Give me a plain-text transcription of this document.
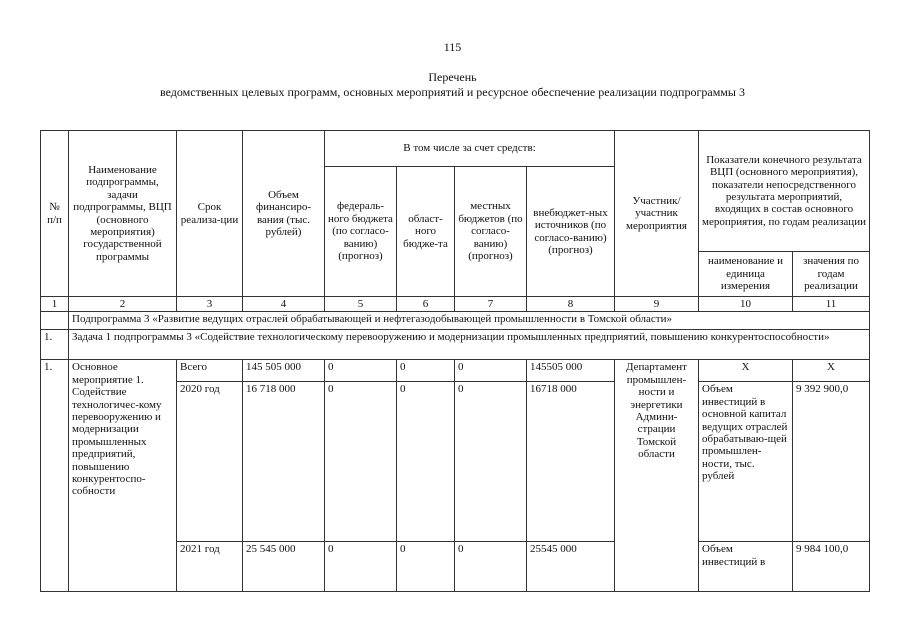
115
Перечень
ведомственных целевых программ, основных мероприятий и ресурсное обеспечение реализации подпрограммы 3
№ п/п	Наименование подпрограммы, задачи подпрограммы, ВЦП (основного мероприятия) государственной программы	Срок реализа-ции	Объем финансиро-вания (тыс. рублей)	В том числе за счет средств:				Участник/ участник мероприятия	Показатели конечного результата ВЦП (основного мероприятия), показатели непосредственного результата мероприятий, входящих в состав основного мероприятия, по годам реализации	
				федераль-ного бюджета (по согласо-ванию) (прогноз)	област-ного бюдже-та	местных бюджетов (по согласо-ванию) (прогноз)	внебюджет-ных источников (по согласо-ванию) (прогноз)			
									наименование и единица измерения	значения по годам реализации
1	2	3	4	5	6	7	8	9	10	11
	Подпрограмма 3 «Развитие ведущих отраслей обрабатывающей и нефтегазодобывающей промышленности в Томской области»									
1.	Задача 1 подпрограммы 3 «Содействие технологическому перевооружению и модернизации промышленных предприятий, повышению конкурентоспособности»									
1.	Основное мероприятие 1. Содействие технологичес-кому перевооружению и модернизации промышленных предприятий, повышению конкурентоспо-собности	Всего	145 505 000	0	0	0	145505 000	Департамент промышлен-ности и энергетики Админи-страции Томской области	Х	Х
		2020 год	16 718 000	0	0	0	16718 000		Объем инвестиций в основной капитал ведущих отраслей обрабатываю-щей промышлен-ности, тыс. рублей	9 392 900,0
		2021 год	25 545 000	0	0	0	25545 000		Объем инвестиций в	9 984 100,0
